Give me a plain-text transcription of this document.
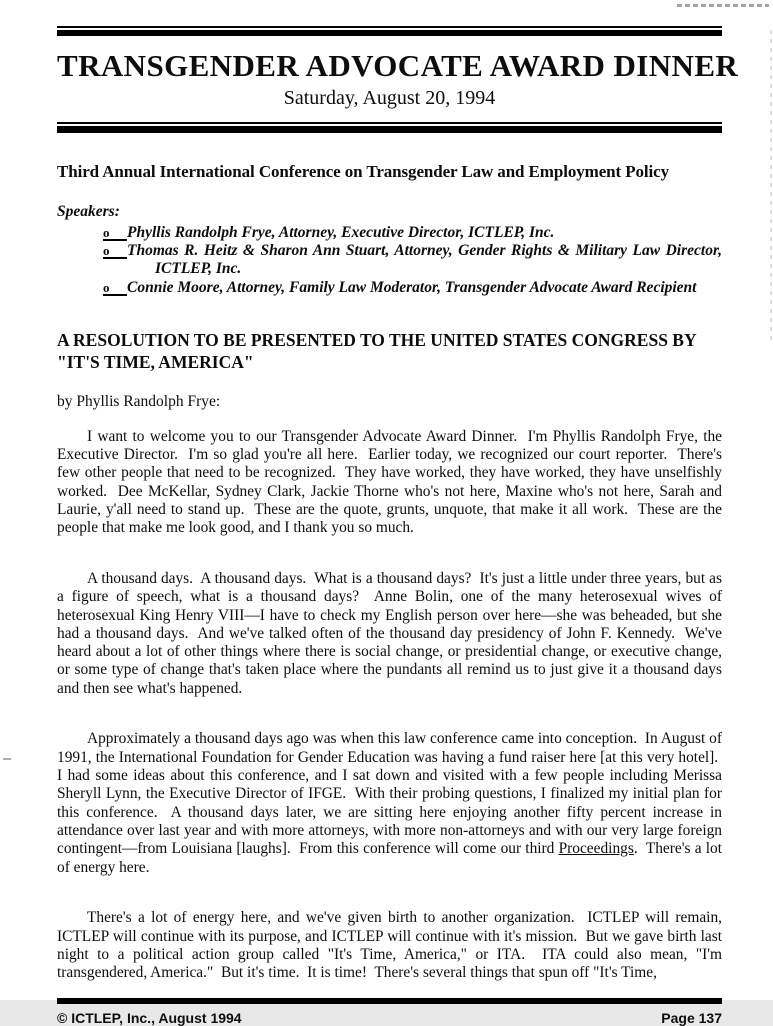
TRANSGENDER ADVOCATE AWARD DINNER
Saturday, August 20, 1994
Third Annual International Conference on Transgender Law and Employment Policy
Speakers:
o Phyllis Randolph Frye, Attorney, Executive Director, ICTLEP, Inc.
o Thomas R. Heitz & Sharon Ann Stuart, Attorney, Gender Rights & Military Law Director, ICTLEP, Inc.
o Connie Moore, Attorney, Family Law Moderator, Transgender Advocate Award Recipient
A RESOLUTION TO BE PRESENTED TO THE UNITED STATES CONGRESS BY "IT'S TIME, AMERICA"
by Phyllis Randolph Frye:

I want to welcome you to our Transgender Advocate Award Dinner.  I'm Phyllis Randolph Frye, the Executive Director.  I'm so glad you're all here.  Earlier today, we recognized our court reporter.  There's few other people that need to be recognized.  They have worked, they have worked, they have unselfishly worked.  Dee McKellar, Sydney Clark, Jackie Thorne who's not here, Maxine who's not here, Sarah and Laurie, y'all need to stand up.  These are the quote, grunts, unquote, that make it all work.  These are the people that make me look good, and I thank you so much.

A thousand days.  A thousand days.  What is a thousand days?  It's just a little under three years, but as a figure of speech, what is a thousand days?  Anne Bolin, one of the many heterosexual wives of heterosexual King Henry VIII—I have to check my English person over here—she was beheaded, but she had a thousand days.  And we've talked often of the thousand day presidency of John F. Kennedy.  We've heard about a lot of other things where there is social change, or presidential change, or executive change, or some type of change that's taken place where the pundants all remind us to just give it a thousand days and then see what's happened.

Approximately a thousand days ago was when this law conference came into conception.  In August of 1991, the International Foundation for Gender Education was having a fund raiser here [at this very hotel].  I had some ideas about this conference, and I sat down and visited with a few people including Merissa Sheryll Lynn, the Executive Director of IFGE.  With their probing questions, I finalized my initial plan for this conference.  A thousand days later, we are sitting here enjoying another fifty percent increase in attendance over last year and with more attorneys, with more non-attorneys and with our very large foreign contingent—from Louisiana [laughs].  From this conference will come our third Proceedings.  There's a lot of energy here.

There's a lot of energy here, and we've given birth to another organization.  ICTLEP will remain, ICTLEP will continue with its purpose, and ICTLEP will continue with it's mission.  But we gave birth last night to a political action group called "It's Time, America," or ITA.  ITA could also mean, "I'm transgendered, America."  But it's time.  It is time!  There's several things that spun off "It's Time,

© ICTLEP, Inc., August 1994	Page 137
